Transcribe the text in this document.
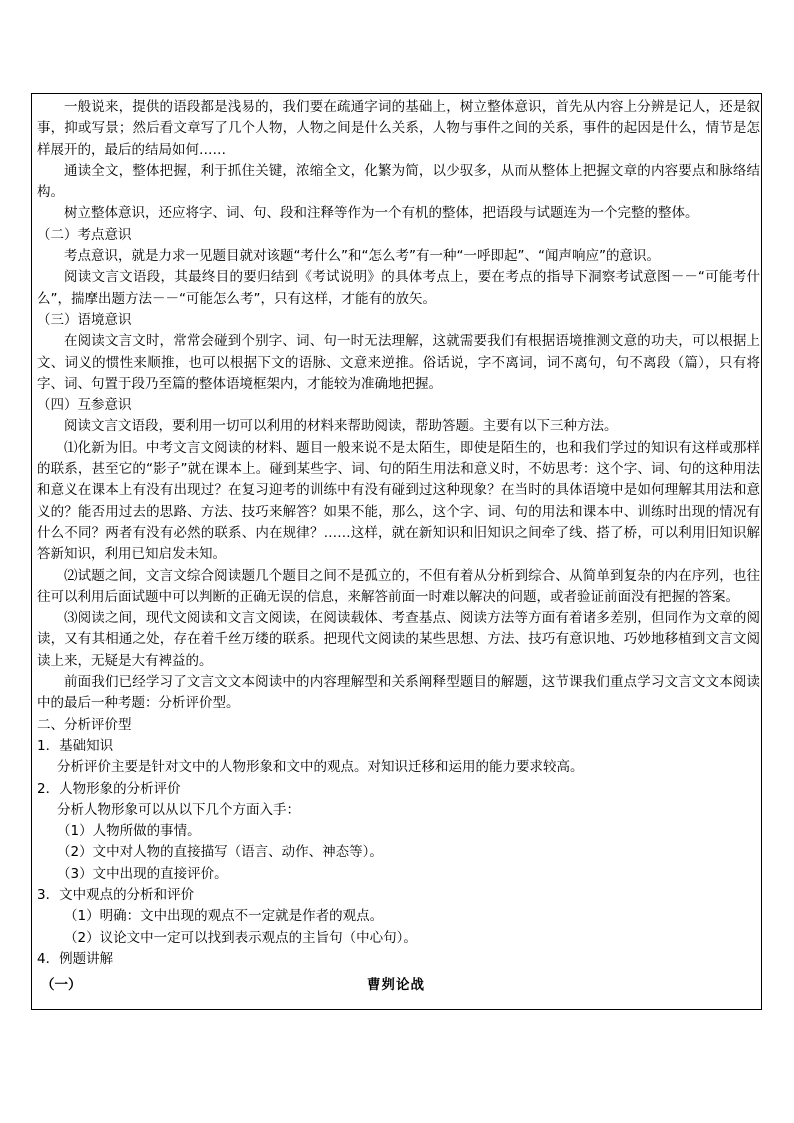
一般说来，提供的语段都是浅易的，我们要在疏通字词的基础上，树立整体意识，首先从内容上分辨是记人，还是叙事，抑或写景；然后看文章写了几个人物，人物之间是什么关系，人物与事件之间的关系，事件的起因是什么，情节是怎样展开的，最后的结局如何……

通读全文，整体把握，利于抓住关键，浓缩全文，化繁为简，以少驭多，从而从整体上把握文章的内容要点和脉络结构。

树立整体意识，还应将字、词、句、段和注释等作为一个有机的整体，把语段与试题连为一个完整的整体。

（二）考点意识

考点意识，就是力求一见题目就对该题“考什么”和“怎么考”有一种“一呼即起”、“闻声响应”的意识。

阅读文言文语段，其最终目的要归结到《考试说明》的具体考点上，要在考点的指导下洞察考试意图－－“可能考什么”，揣摩出题方法－－“可能怎么考”，只有这样，才能有的放矢。

（三）语境意识

在阅读文言文时，常常会碰到个别字、词、句一时无法理解，这就需要我们有根据语境推测文意的功夫，可以根据上文、词义的惯性来顺推，也可以根据下文的语脉、文意来逆推。俗话说，字不离词，词不离句，句不离段（篇），只有将字、词、句置于段乃至篇的整体语境框架内，才能较为准确地把握。

（四）互参意识

阅读文言文语段，要利用一切可以利用的材料来帮助阅读，帮助答题。主要有以下三种方法。

⑴化新为旧。中考文言文阅读的材料、题目一般来说不是太陌生，即使是陌生的，也和我们学过的知识有这样或那样的联系，甚至它的“影子”就在课本上。碰到某些字、词、句的陌生用法和意义时，不妨思考：这个字、词、句的这种用法和意义在课本上有没有出现过？在复习迎考的训练中有没有碰到过这种现象？在当时的具体语境中是如何理解其用法和意义的？能否用过去的思路、方法、技巧来解答？如果不能，那么，这个字、词、句的用法和课本中、训练时出现的情况有什么不同？两者有没有必然的联系、内在规律？……这样，就在新知识和旧知识之间牵了线、搭了桥，可以利用旧知识解答新知识，利用已知启发未知。

⑵试题之间，文言文综合阅读题几个题目之间不是孤立的，不但有着从分析到综合、从简单到复杂的内在序列，也往往可以利用后面试题中可以判断的正确无误的信息，来解答前面一时难以解决的问题，或者验证前面没有把握的答案。

⑶阅读之间，现代文阅读和文言文阅读，在阅读载体、考查基点、阅读方法等方面有着诸多差别，但同作为文章的阅读，又有其相通之处，存在着千丝万缕的联系。把现代文阅读的某些思想、方法、技巧有意识地、巧妙地移植到文言文阅读上来，无疑是大有裨益的。

前面我们已经学习了文言文文本阅读中的内容理解型和关系阐释型题目的解题，这节课我们重点学习文言文文本阅读中的最后一种考题：分析评价型。

二、分析评价型

1．基础知识

分析评价主要是针对文中的人物形象和文中的观点。对知识迁移和运用的能力要求较高。

2．人物形象的分析评价

分析人物形象可以从以下几个方面入手：

（1）人物所做的事情。

（2）文中对人物的直接描写（语言、动作、神态等）。

（3）文中出现的直接评价。

3．文中观点的分析和评价

（1）明确：文中出现的观点不一定就是作者的观点。

（2）议论文中一定可以找到表示观点的主旨句（中心句）。

4．例题讲解

（一）	曹刿论战
